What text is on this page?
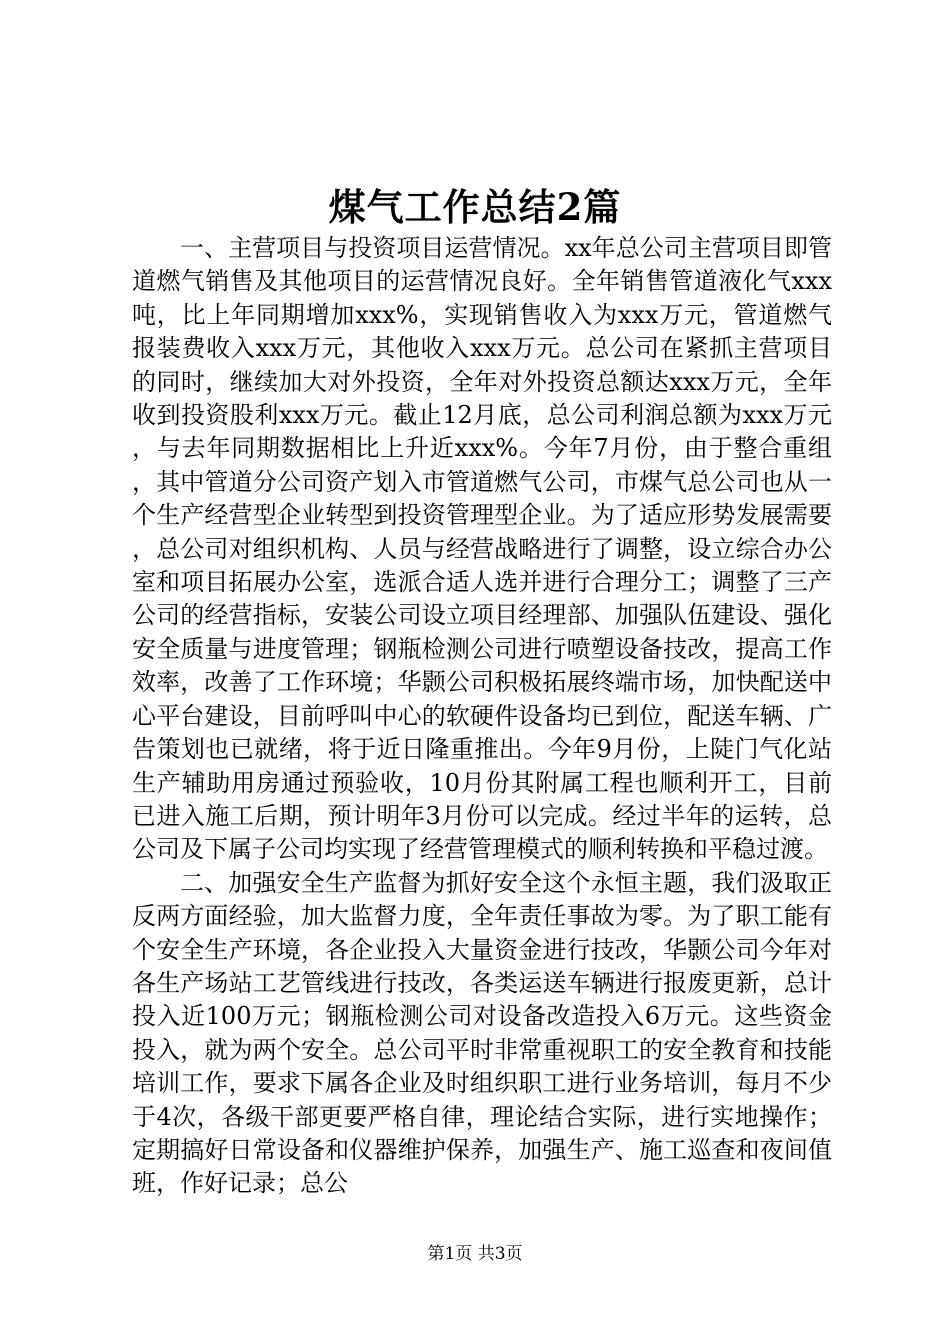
煤气工作总结2篇

一、主营项目与投资项目运营情况。xx年总公司主营项目即管道燃气销售及其他项目的运营情况良好。全年销售管道液化气xxx吨，比上年同期增加xxx%，实现销售收入为xxx万元，管道燃气报装费收入xxx万元，其他收入xxx万元。总公司在紧抓主营项目的同时，继续加大对外投资，全年对外投资总额达xxx万元，全年收到投资股利xxx万元。截止12月底，总公司利润总额为xxx万元，与去年同期数据相比上升近xxx%。今年7月份，由于整合重组，其中管道分公司资产划入市管道燃气公司，市煤气总公司也从一个生产经营型企业转型到投资管理型企业。为了适应形势发展需要，总公司对组织机构、人员与经营战略进行了调整，设立综合办公室和项目拓展办公室，选派合适人选并进行合理分工；调整了三产公司的经营指标，安装公司设立项目经理部、加强队伍建设、强化安全质量与进度管理；钢瓶检测公司进行喷塑设备技改，提高工作效率，改善了工作环境；华颢公司积极拓展终端市场，加快配送中心平台建设，目前呼叫中心的软硬件设备均已到位，配送车辆、广告策划也已就绪，将于近日隆重推出。今年9月份，上陡门气化站生产辅助用房通过预验收，10月份其附属工程也顺利开工，目前已进入施工后期，预计明年3月份可以完成。经过半年的运转，总公司及下属子公司均实现了经营管理模式的顺利转换和平稳过渡。

二、加强安全生产监督为抓好安全这个永恒主题，我们汲取正反两方面经验，加大监督力度，全年责任事故为零。为了职工能有个安全生产环境，各企业投入大量资金进行技改，华颢公司今年对各生产场站工艺管线进行技改，各类运送车辆进行报废更新，总计投入近100万元；钢瓶检测公司对设备改造投入6万元。这些资金投入，就为两个安全。总公司平时非常重视职工的安全教育和技能培训工作，要求下属各企业及时组织职工进行业务培训，每月不少于4次，各级干部更要严格自律，理论结合实际，进行实地操作；定期搞好日常设备和仪器维护保养，加强生产、施工巡查和夜间值班，作好记录；总公

第1页 共3页
